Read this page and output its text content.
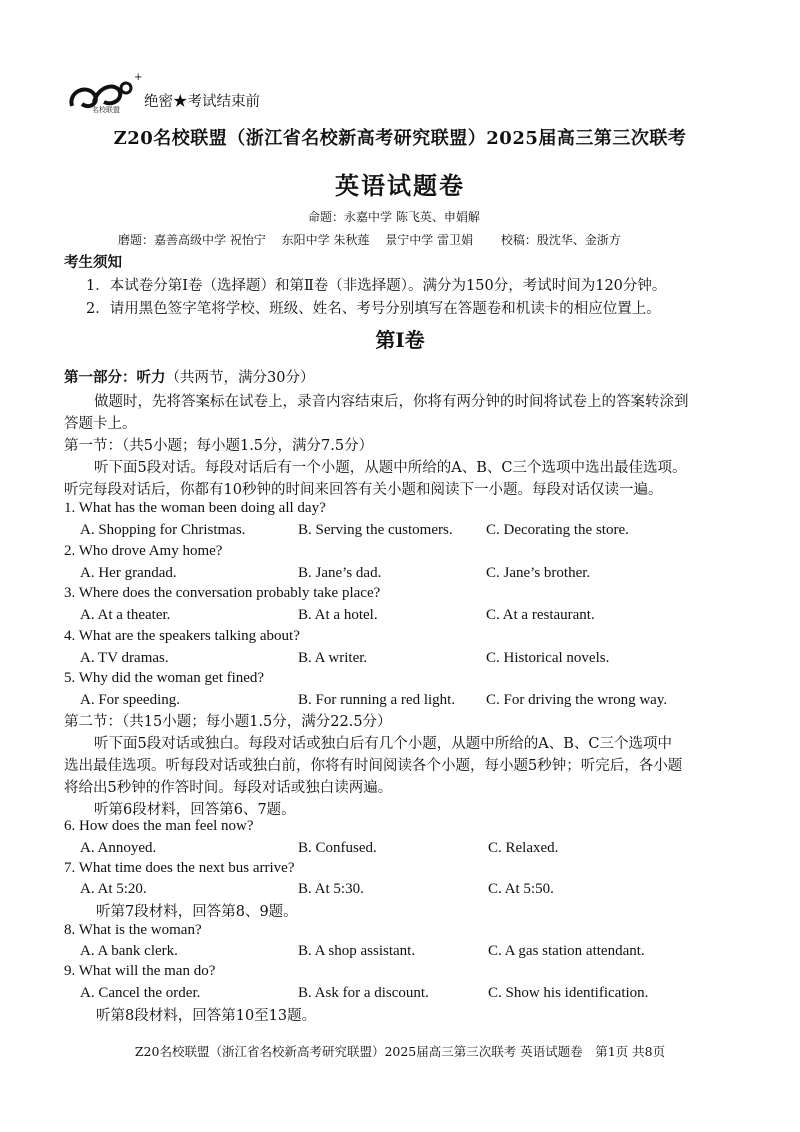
+
名校联盟 绝密★考试结束前
Z20名校联盟（浙江省名校新高考研究联盟）2025届高三第三次联考
英语试题卷
命题：永嘉中学 陈飞英、申娟解
磨题：嘉善高级中学 祝怡宁　 东阳中学 朱秋莲　 景宁中学 雷卫娟　　 校稿：殷沈华、金浙方
考生须知
1．本试卷分第Ⅰ卷（选择题）和第Ⅱ卷（非选择题）。满分为150分，考试时间为120分钟。
2．请用黑色签字笔将学校、班级、姓名、考号分别填写在答题卷和机读卡的相应位置上。
第Ⅰ卷
第一部分：听力（共两节，满分30分）
做题时，先将答案标在试卷上，录音内容结束后，你将有两分钟的时间将试卷上的答案转涂到
答题卡上。
第一节：（共5小题；每小题1.5分，满分7.5分）
听下面5段对话。每段对话后有一个小题，从题中所给的A、B、C三个选项中选出最佳选项。
听完每段对话后，你都有10秒钟的时间来回答有关小题和阅读下一小题。每段对话仅读一遍。
1. What has the woman been doing all day?
A. Shopping for Christmas.	B. Serving the customers. C. Decorating the store.
2. Who drove Amy home?
A. Her grandad.	B. Jane’s dad.	C. Jane’s brother.
3. Where does the conversation probably take place?
A. At a theater.	B. At a hotel.	C. At a restaurant.
4. What are the speakers talking about?
A. TV dramas.	B. A writer.	C. Historical novels.
5. Why did the woman get fined?
A. For speeding.	B. For running a red light. C. For driving the wrong way.
第二节：（共15小题；每小题1.5分，满分22.5分）
听下面5段对话或独白。每段对话或独白后有几个小题，从题中所给的A、B、C三个选项中
选出最佳选项。听每段对话或独白前，你将有时间阅读各个小题，每小题5秒钟；听完后，各小题
将给出5秒钟的作答时间。每段对话或独白读两遍。
听第6段材料，回答第6、7题。
6. How does the man feel now?
A. Annoyed.	B. Confused.	C. Relaxed.
7. What time does the next bus arrive?
A. At 5:20.	B. At 5:30.	C. At 5:50.
听第7段材料，回答第8、9题。
8. What is the woman?
A. A bank clerk.	B. A shop assistant.	C. A gas station attendant.
9. What will the man do?
A. Cancel the order.	B. Ask for a discount.	C. Show his identification.
听第8段材料，回答第10至13题。
Z20名校联盟（浙江省名校新高考研究联盟）2025届高三第三次联考 英语试题卷　第1页 共8页
